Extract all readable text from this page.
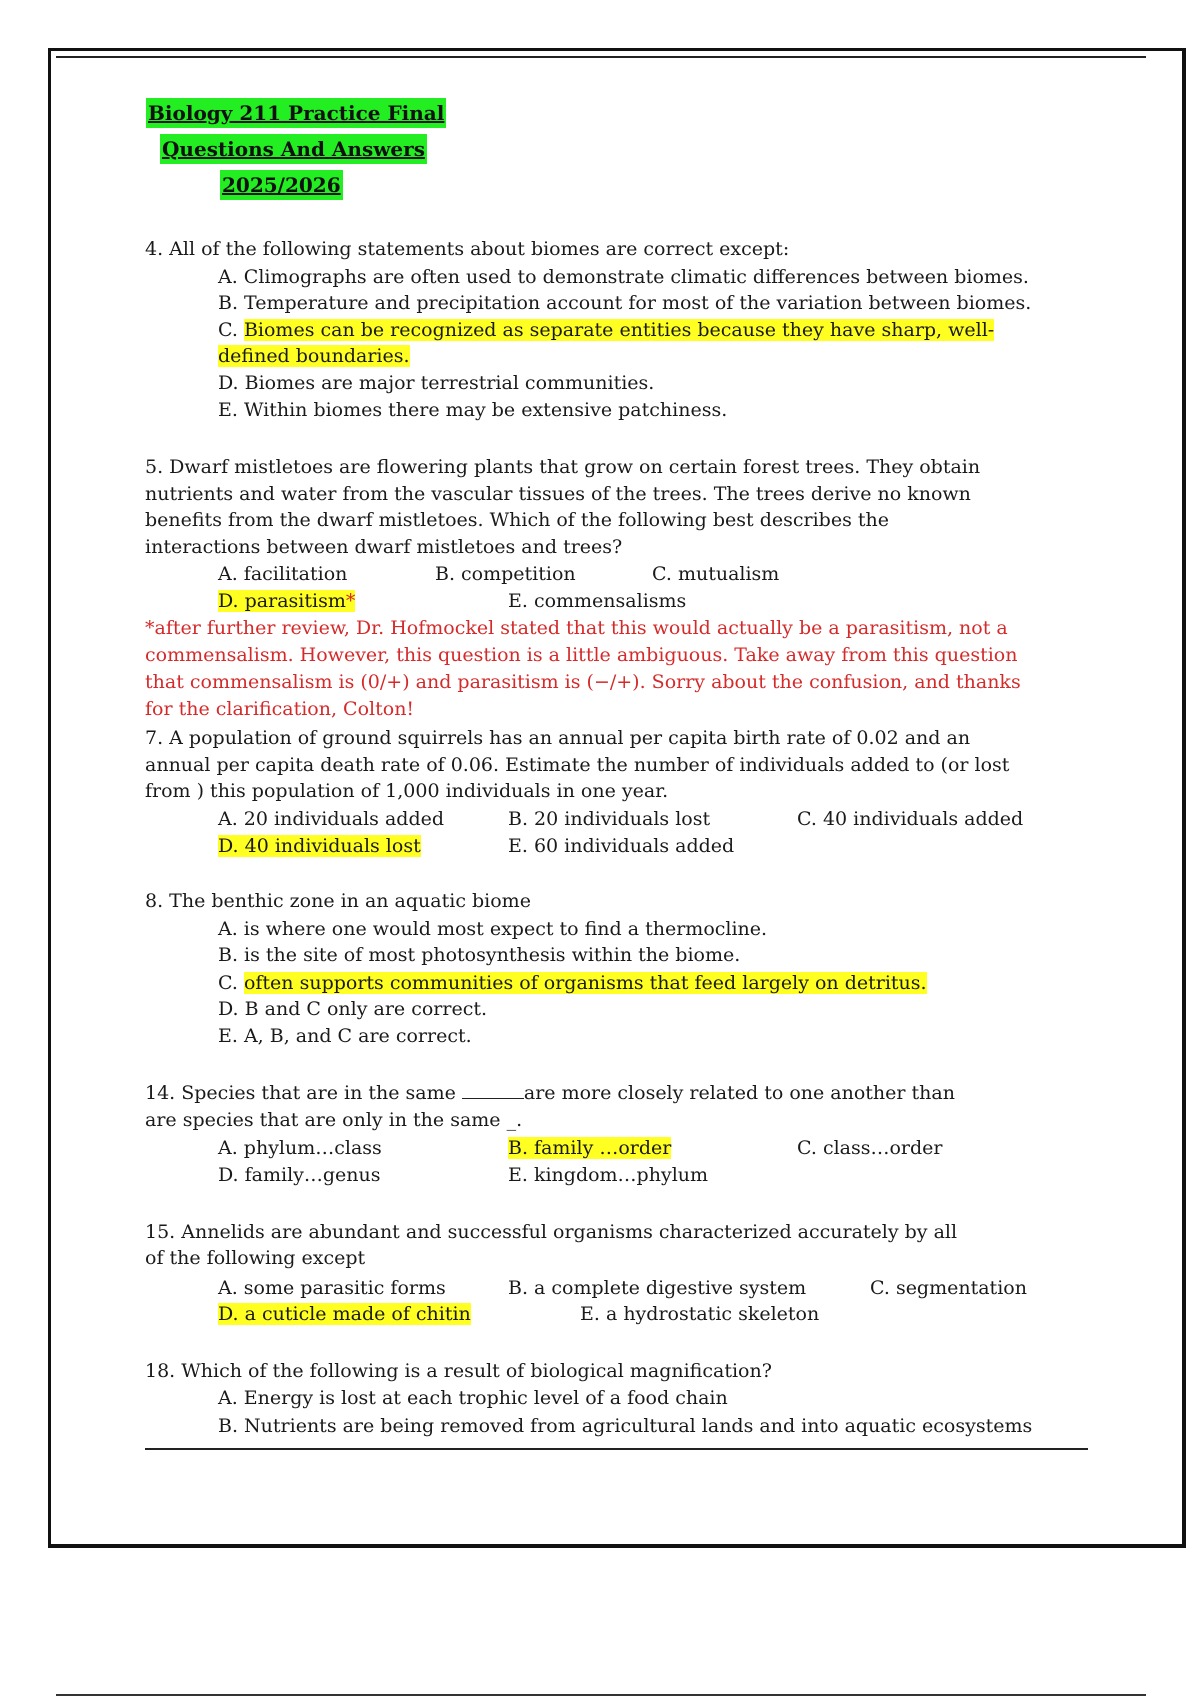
Biology 211 Practice Final
Questions And Answers
2025/2026
4. All of the following statements about biomes are correct except:
A. Climographs are often used to demonstrate climatic differences between biomes.
B. Temperature and precipitation account for most of the variation between biomes.
C. Biomes can be recognized as separate entities because they have sharp, well-
defined boundaries.
D. Biomes are major terrestrial communities.
E. Within biomes there may be extensive patchiness.
5. Dwarf mistletoes are flowering plants that grow on certain forest trees. They obtain
nutrients and water from the vascular tissues of the trees. The trees derive no known
benefits from the dwarf mistletoes. Which of the following best describes the
interactions between dwarf mistletoes and trees?
A. facilitation	B. competition	C. mutualism
D. parasitism*	E. commensalisms
*after further review, Dr. Hofmockel stated that this would actually be a parasitism, not a
commensalism. However, this question is a little ambiguous. Take away from this question
that commensalism is (0/+) and parasitism is (−/+). Sorry about the confusion, and thanks
for the clarification, Colton!
7. A population of ground squirrels has an annual per capita birth rate of 0.02 and an
annual per capita death rate of 0.06. Estimate the number of individuals added to (or lost
from ) this population of 1,000 individuals in one year.
A. 20 individuals added	B. 20 individuals lost	C. 40 individuals added
D. 40 individuals lost	E. 60 individuals added
8. The benthic zone in an aquatic biome
A. is where one would most expect to find a thermocline.
B. is the site of most photosynthesis within the biome.
C. often supports communities of organisms that feed largely on detritus.
D. B and C only are correct.
E. A, B, and C are correct.
14. Species that are in the same	are more closely related to one another than
are species that are only in the same _.
A. phylum…class	B. family …order	C. class…order
D. family…genus	E. kingdom…phylum
15. Annelids are abundant and successful organisms characterized accurately by all
of the following except
A. some parasitic forms	B. a complete digestive system	C. segmentation
D. a cuticle made of chitin	E. a hydrostatic skeleton
18. Which of the following is a result of biological magnification?
A. Energy is lost at each trophic level of a food chain
B. Nutrients are being removed from agricultural lands and into aquatic ecosystems
